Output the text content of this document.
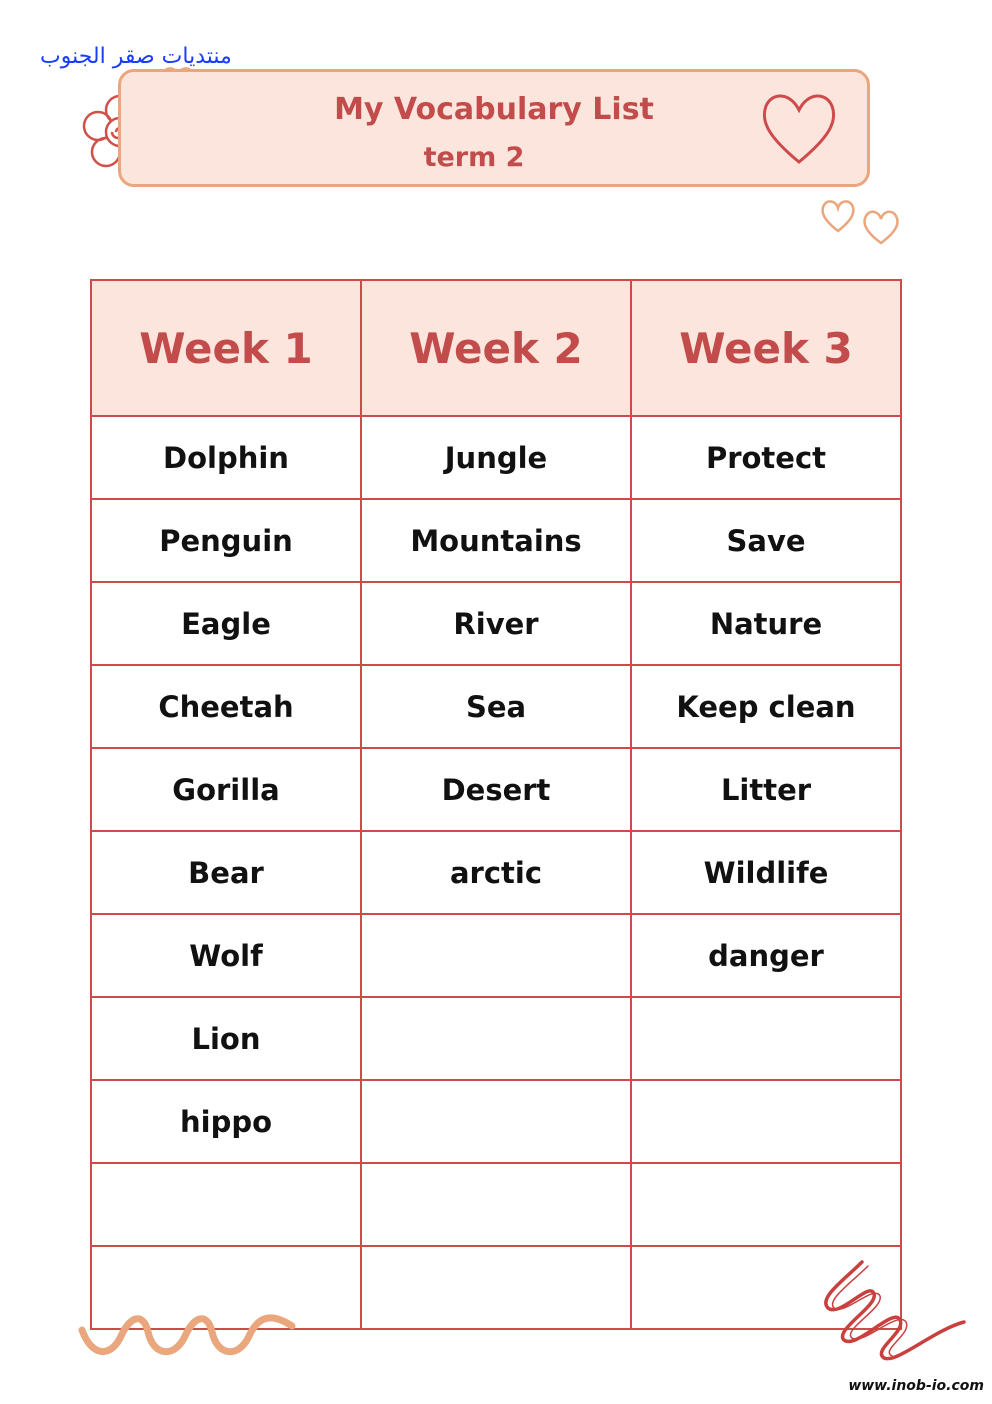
منتديات صقر الجنوب
My Vocabulary List
term 2
Week 1	Week 2	Week 3
Dolphin	Jungle	Protect
Penguin	Mountains	Save
Eagle	River	Nature
Cheetah	Sea	Keep clean
Gorilla	Desert	Litter
Bear	arctic	Wildlife
Wolf		danger
Lion		
hippo		

www.inob-io.com
